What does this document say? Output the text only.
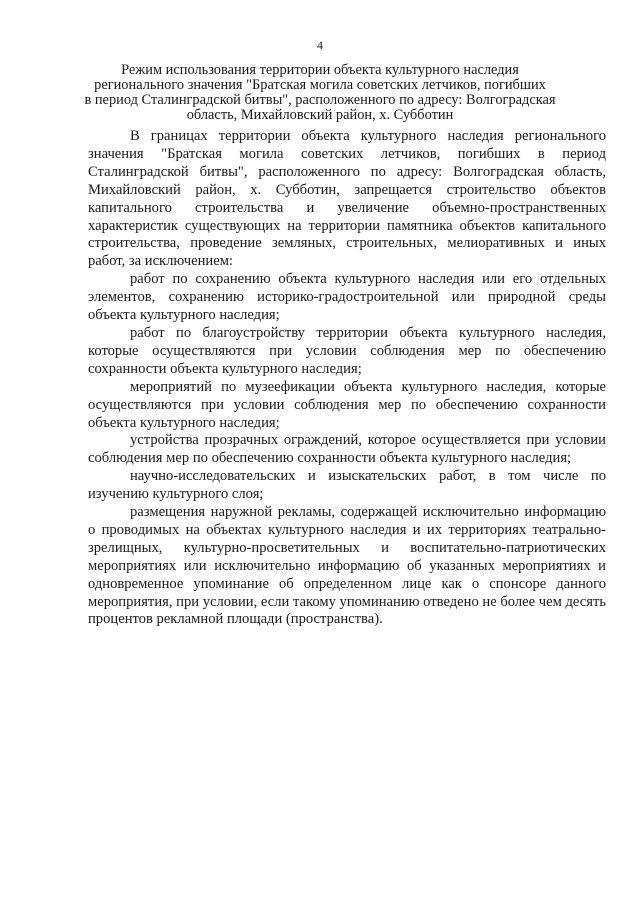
4
Режим использования территории объекта культурного наследия
регионального значения "Братская могила советских летчиков, погибших
в период Сталинградской битвы", расположенного по адресу: Волгоградская
область, Михайловский район, х. Субботин

В границах территории объекта культурного наследия регионального значения "Братская могила советских летчиков, погибших в период Сталинградской битвы", расположенного по адресу: Волгоградская область, Михайловский район, х. Субботин, запрещается строительство объектов капитального строительства и увеличение объемно-пространственных характеристик существующих на территории памятника объектов капитального строительства, проведение земляных, строительных, мелиоративных и иных работ, за исключением:

работ по сохранению объекта культурного наследия или его отдельных элементов, сохранению историко-градостроительной или природной среды объекта культурного наследия;

работ по благоустройству территории объекта культурного наследия, которые осуществляются при условии соблюдения мер по обеспечению сохранности объекта культурного наследия;

мероприятий по музеефикации объекта культурного наследия, которые осуществляются при условии соблюдения мер по обеспечению сохранности объекта культурного наследия;

устройства прозрачных ограждений, которое осуществляется при условии соблюдения мер по обеспечению сохранности объекта культурного наследия;

научно-исследовательских и изыскательских работ, в том числе по изучению культурного слоя;

размещения наружной рекламы, содержащей исключительно информацию о проводимых на объектах культурного наследия и их территориях театрально-зрелищных, культурно-просветительных и воспитательно-патриотических мероприятиях или исключительно информацию об указанных мероприятиях и одновременное упоминание об определенном лице как о спонсоре данного мероприятия, при условии, если такому упоминанию отведено не более чем десять процентов рекламной площади (пространства).
